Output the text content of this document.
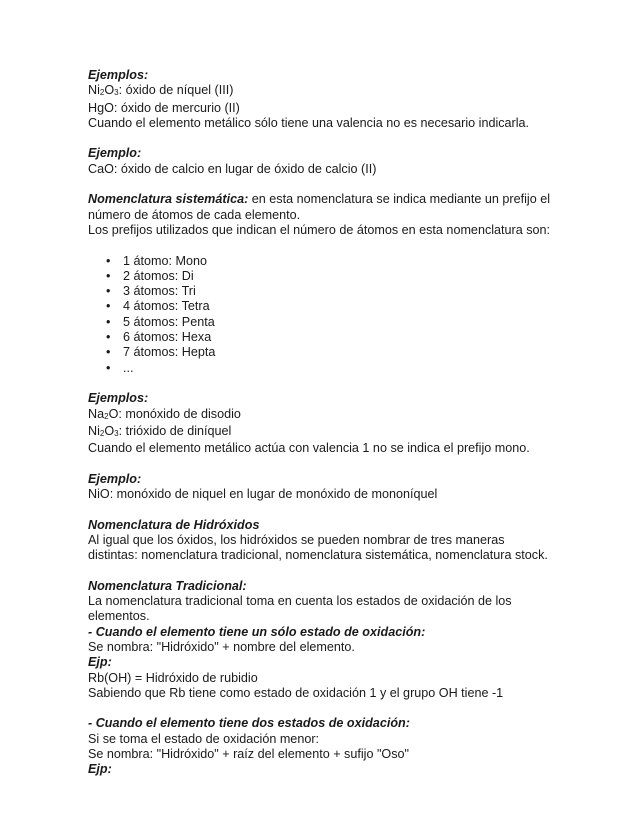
Ejemplos:
$Ni_2O_3$: óxido de níquel (III)
HgO: óxido de mercurio (II)
Cuando el elemento metálico sólo tiene una valencia no es necesario indicarla.
Ejemplo:
CaO: óxido de calcio en lugar de óxido de calcio (II)
Nomenclatura sistemática: en esta nomenclatura se indica mediante un prefijo el número de átomos de cada elemento.
Los prefijos utilizados que indican el número de átomos en esta nomenclatura son:
• 1 átomo: Mono
• 2 átomos: Di
• 3 átomos: Tri
• 4 átomos: Tetra
• 5 átomos: Penta
• 6 átomos: Hexa
• 7 átomos: Hepta
• ...
Ejemplos:
$Na_2O$: monóxido de disodio
$Ni_2O_3$: trióxido de diníquel
Cuando el elemento metálico actúa con valencia 1 no se indica el prefijo mono.
Ejemplo:
NiO: monóxido de niquel en lugar de monóxido de mononíquel
Nomenclatura de Hidróxidos
Al igual que los óxidos, los hidróxidos se pueden nombrar de tres maneras
distintas: nomenclatura tradicional, nomenclatura sistemática, nomenclatura stock.
Nomenclatura Tradicional:
La nomenclatura tradicional toma en cuenta los estados de oxidación de los
elementos.
- Cuando el elemento tiene un sólo estado de oxidación:
Se nombra: "Hidróxido" + nombre del elemento.
Ejp:
Rb(OH) = Hidróxido de rubidio
Sabiendo que Rb tiene como estado de oxidación 1 y el grupo OH tiene -1
- Cuando el elemento tiene dos estados de oxidación:
Si se toma el estado de oxidación menor:
Se nombra: "Hidróxido" + raíz del elemento + sufijo "Oso"
Ejp:
